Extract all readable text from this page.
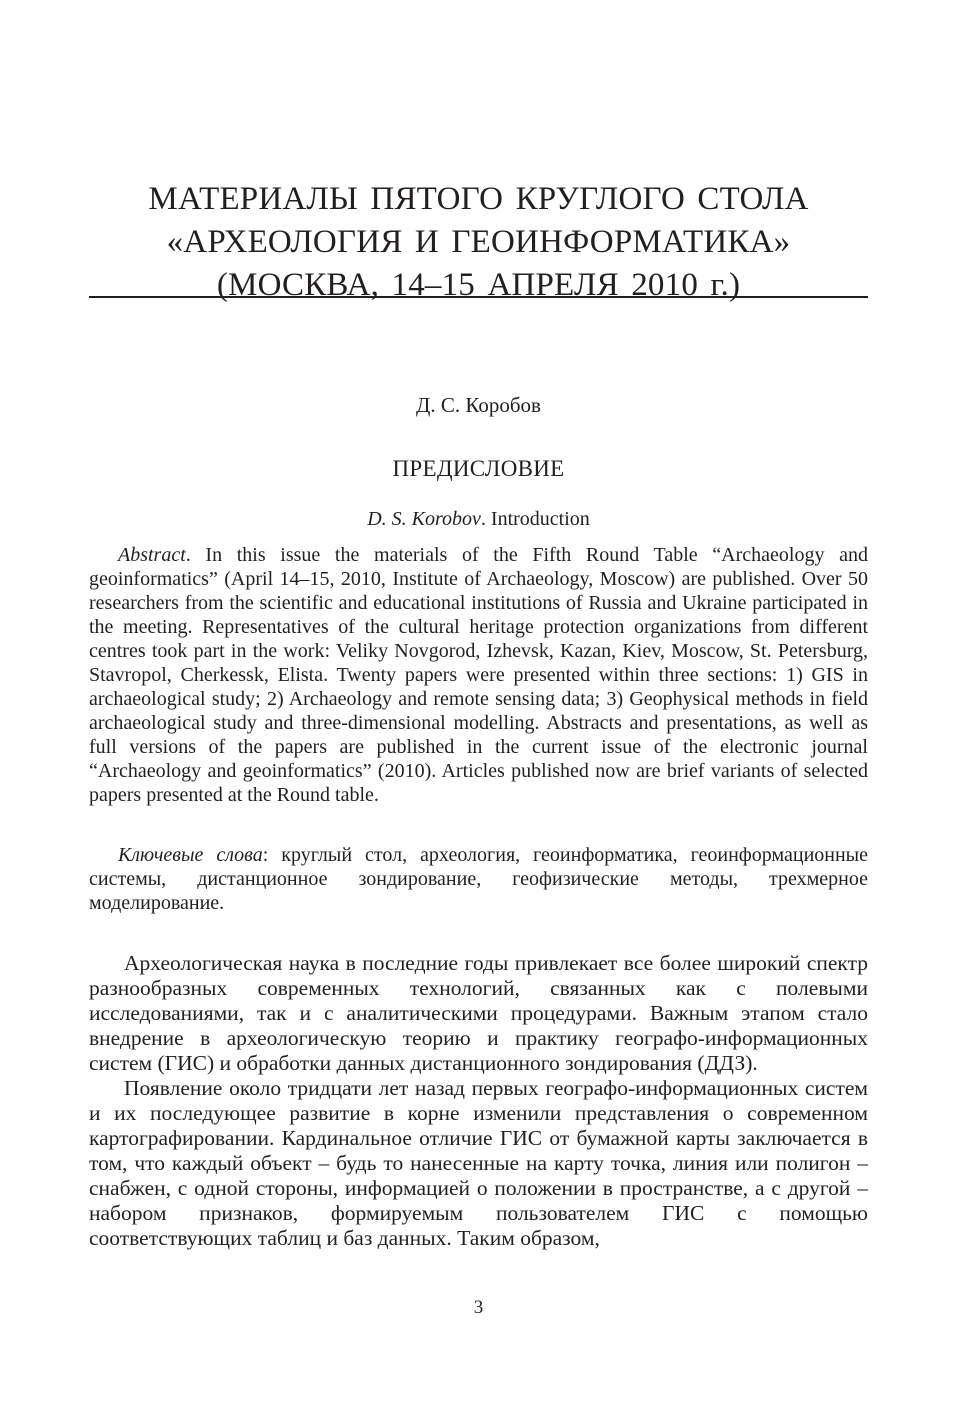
МАТЕРИАЛЫ ПЯТОГО КРУГЛОГО СТОЛА
«АРХЕОЛОГИЯ И ГЕОИНФОРМАТИКА»
(МОСКВА, 14–15 АПРЕЛЯ 2010 г.)
Д. С. Коробов
ПРЕДИСЛОВИЕ
D. S. Korobov. Introduction

Abstract. In this issue the materials of the Fifth Round Table “Archaeology and geoinformatics” (April 14–15, 2010, Institute of Archaeology, Moscow) are published. Over 50 researchers from the scientific and educational institutions of Russia and Ukraine participated in the meeting. Representatives of the cultural heritage protection organizations from different centres took part in the work: Veliky Novgorod, Izhevsk, Kazan, Kiev, Moscow, St. Petersburg, Stavropol, Cherkessk, Elista. Twenty papers were presented within three sections: 1) GIS in archaeological study; 2) Archaeology and remote sensing data; 3) Geophysical methods in field archaeological study and three-dimensional modelling. Abstracts and presentations, as well as full versions of the papers are published in the current issue of the electronic journal “Archaeology and geoinformatics” (2010). Articles published now are brief variants of selected papers presented at the Round table.

Ключевые слова: круглый стол, археология, геоинформатика, геоинформационные системы, дистанционное зондирование, геофизические методы, трехмерное моделирование.

Археологическая наука в последние годы привлекает все более широкий спектр разнообразных современных технологий, связанных как с полевыми исследованиями, так и с аналитическими процедурами. Важным этапом стало внедрение в археологическую теорию и практику географо-информационных систем (ГИС) и обработки данных дистанционного зондирования (ДДЗ).

Появление около тридцати лет назад первых географо-информационных систем и их последующее развитие в корне изменили представления о современном картографировании. Кардинальное отличие ГИС от бумажной карты заключается в том, что каждый объект – будь то нанесенные на карту точка, линия или полигон – снабжен, с одной стороны, информацией о положении в пространстве, а с другой – набором признаков, формируемым пользователем ГИС с помощью соответствующих таблиц и баз данных. Таким образом,

3
